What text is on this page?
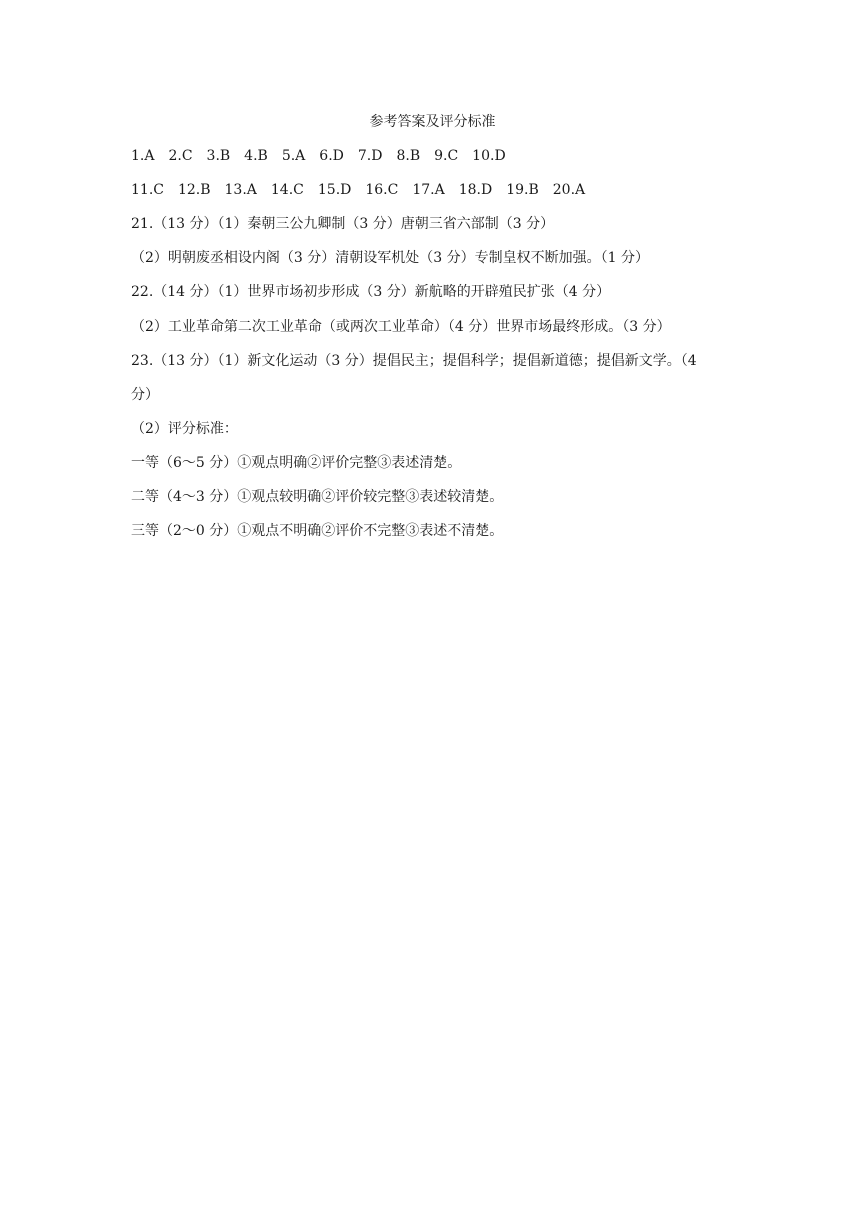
参考答案及评分标准
1.A　2.C　3.B　4.B　5.A　6.D　7.D　8.B　9.C　10.D
11.C　12.B　13.A　14.C　15.D　16.C　17.A　18.D　19.B　20.A
21.（13 分）（1）秦朝三公九卿制（3 分）唐朝三省六部制（3 分）
（2）明朝废丞相设内阁（3 分）清朝设军机处（3 分）专制皇权不断加强。（1 分）
22.（14 分）（1）世界市场初步形成（3 分）新航略的开辟殖民扩张（4 分）
（2）工业革命第二次工业革命（或两次工业革命）（4 分）世界市场最终形成。（3 分）
23.（13 分）（1）新文化运动（3 分）提倡民主；提倡科学；提倡新道德；提倡新文学。（4
分）
（2）评分标准：
一等（6～5 分）①观点明确②评价完整③表述清楚。
二等（4～3 分）①观点较明确②评价较完整③表述较清楚。
三等（2～0 分）①观点不明确②评价不完整③表述不清楚。
